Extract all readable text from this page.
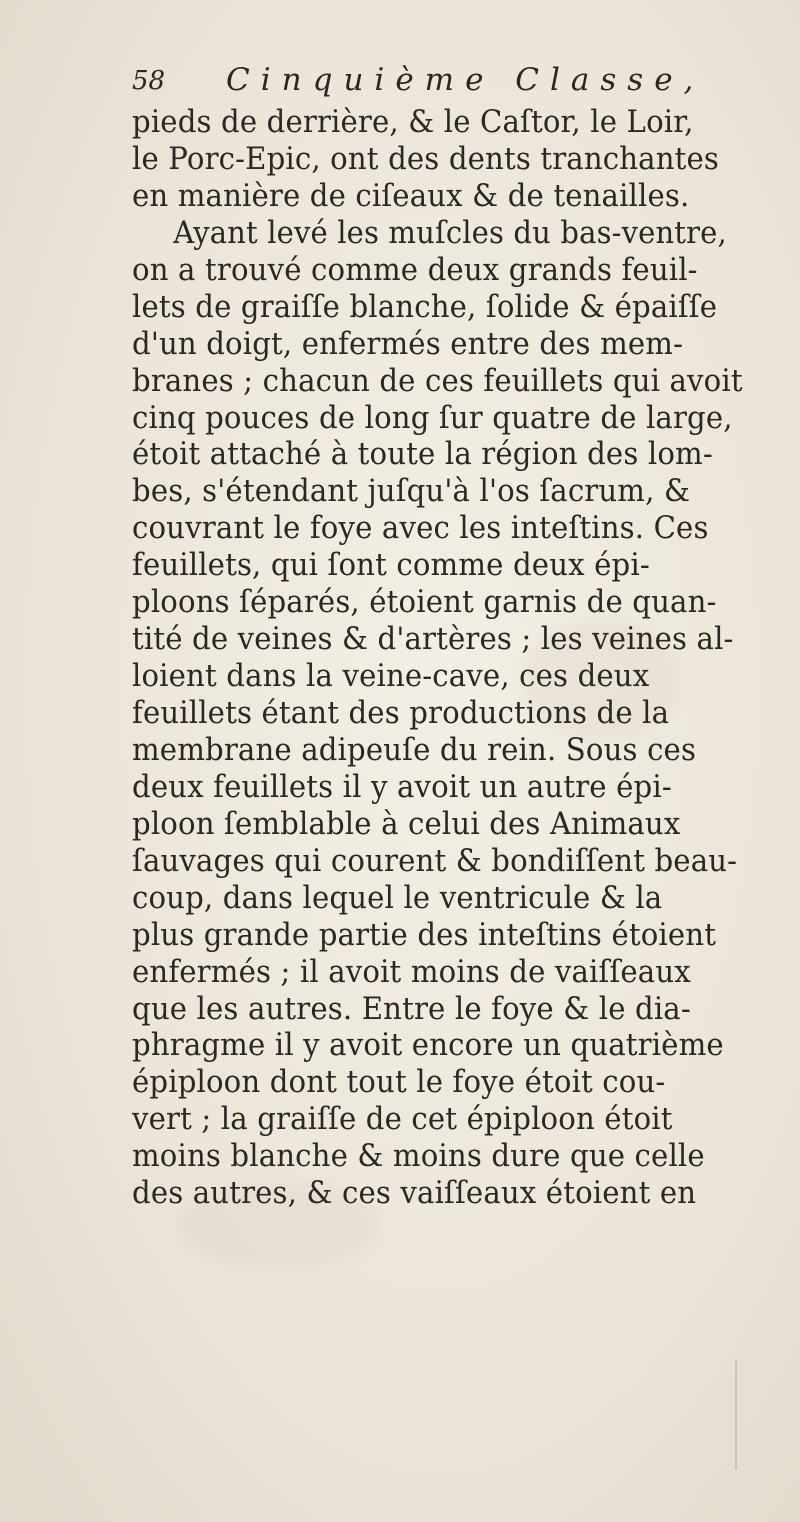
58 Cinquième Classe,
pieds de derrière, & le Caſtor, le Loir,
le Porc-Epic, ont des dents tranchantes
en manière de ciſeaux & de tenailles.
Ayant levé les muſcles du bas-ventre,
on a trouvé comme deux grands feuil-
lets de graiſſe blanche, ſolide & épaiſſe
d'un doigt, enfermés entre des mem-
branes ; chacun de ces feuillets qui avoit
cinq pouces de long ſur quatre de large,
étoit attaché à toute la région des lom-
bes, s'étendant juſqu'à l'os ſacrum, &
couvrant le foye avec les inteſtins. Ces
feuillets, qui ſont comme deux épi-
ploons ſéparés, étoient garnis de quan-
tité de veines & d'artères ; les veines al-
loient dans la veine-cave, ces deux
feuillets étant des productions de la
membrane adipeuſe du rein. Sous ces
deux feuillets il y avoit un autre épi-
ploon ſemblable à celui des Animaux
ſauvages qui courent & bondiſſent beau-
coup, dans lequel le ventricule & la
plus grande partie des inteſtins étoient
enfermés ; il avoit moins de vaiſſeaux
que les autres. Entre le foye & le dia-
phragme il y avoit encore un quatrième
épiploon dont tout le foye étoit cou-
vert ; la graiſſe de cet épiploon étoit
moins blanche & moins dure que celle
des autres, & ces vaiſſeaux étoient en
